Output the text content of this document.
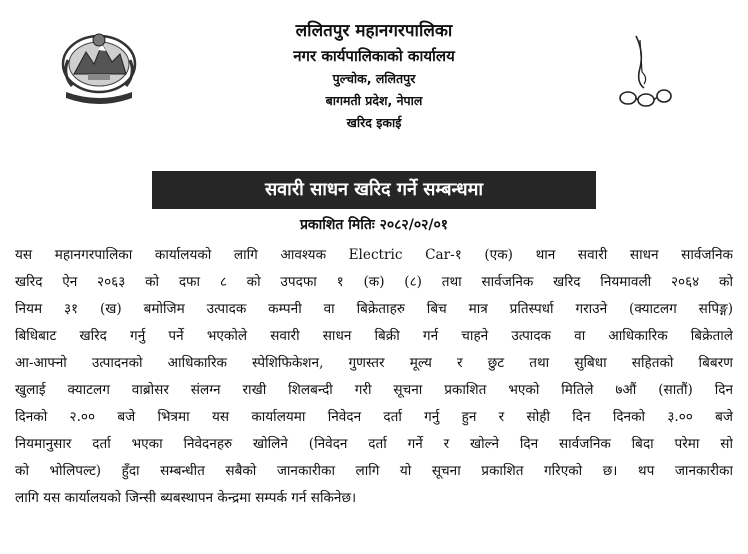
ललितपुर महानगरपालिका
नगर कार्यपालिकाको कार्यालय
पुल्चोक, ललितपुर
बागमती प्रदेश, नेपाल
खरिद इकाई
सवारी साधन खरिद गर्ने सम्बन्धमा
प्रकाशित मितिः २०८२/०२/०१
यस महानगरपालिका कार्यालयको लागि आवश्यक Electric Car-१ (एक) थान सवारी साधन सार्वजनिक
खरिद ऐन २०६३ को दफा ८ को उपदफा १ (क) (८) तथा सार्वजनिक खरिद नियमावली २०६४ को
नियम ३१ (ख) बमोजिम उत्पादक कम्पनी वा बिक्रेताहरु बिच मात्र प्रतिस्पर्धा गराउने (क्याटलग सपिङ्ग)
बिधिबाट खरिद गर्नु पर्ने भएकोले सवारी साधन बिक्री गर्न चाहने उत्पादक वा आधिकारिक बिक्रेताले
आ-आफ्नो उत्पादनको आधिकारिक स्पेशिफिकेशन, गुणस्तर मूल्य र छुट तथा सुबिधा सहितको बिबरण
खुलाई क्याटलग वाब्रोसर संलग्न राखी शिलबन्दी गरी सूचना प्रकाशित भएको मितिले ७औं (सातौं) दिन
दिनको २.०० बजे भित्रमा यस कार्यालयमा निवेदन दर्ता गर्नु हुन र सोही दिन दिनको ३.०० बजे
नियमानुसार दर्ता भएका निवेदनहरु खोलिने (निवेदन दर्ता गर्ने र खोल्ने दिन सार्वजनिक बिदा परेमा सो
को भोलिपल्ट) हुँदा सम्बन्धीत सबैको जानकारीका लागि यो सूचना प्रकाशित गरिएको छ। थप जानकारीका
लागि यस कार्यालयको जिन्सी ब्यबस्थापन केन्द्रमा सम्पर्क गर्न सकिनेछ।
